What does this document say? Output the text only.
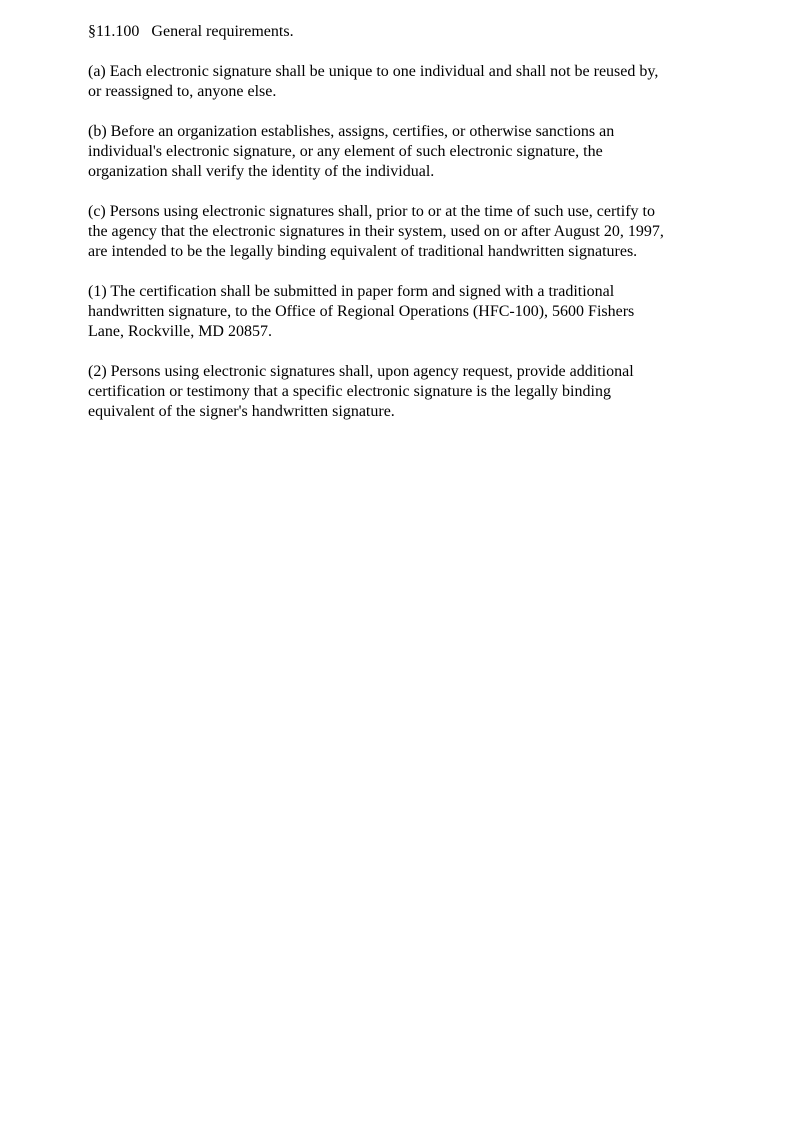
§11.100   General requirements.

(a) Each electronic signature shall be unique to one individual and shall not be reused by,
or reassigned to, anyone else.

(b) Before an organization establishes, assigns, certifies, or otherwise sanctions an
individual's electronic signature, or any element of such electronic signature, the
organization shall verify the identity of the individual.

(c) Persons using electronic signatures shall, prior to or at the time of such use, certify to
the agency that the electronic signatures in their system, used on or after August 20, 1997,
are intended to be the legally binding equivalent of traditional handwritten signatures.

(1) The certification shall be submitted in paper form and signed with a traditional
handwritten signature, to the Office of Regional Operations (HFC-100), 5600 Fishers
Lane, Rockville, MD 20857.

(2) Persons using electronic signatures shall, upon agency request, provide additional
certification or testimony that a specific electronic signature is the legally binding
equivalent of the signer's handwritten signature.
